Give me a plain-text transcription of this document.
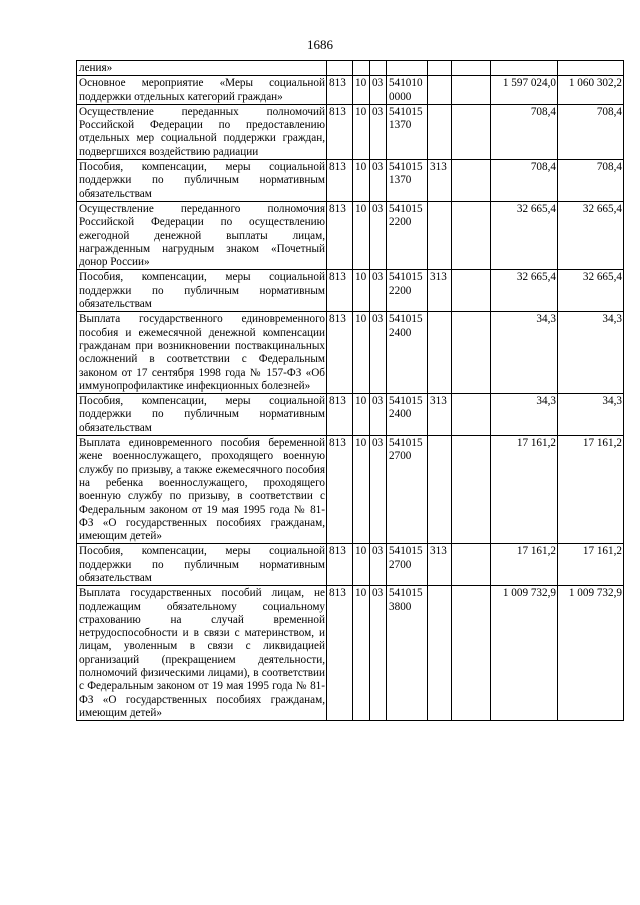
1686
ления»				

Основное мероприятие «Меры социальной поддержки отдельных категорий граждан»	813	10	03	541010
0000			1 597 024,0	1 060 302,2
Осуществление переданных полномочий Российской Федерации по предоставлению отдельных мер социальной поддержки граждан, подвергшихся воздействию радиации	813	10	03	541015
1370			708,4	708,4
Пособия, компенсации, меры социальной поддержки по публичным нормативным обязательствам	813	10	03	541015
1370	313		708,4	708,4
Осуществление переданного полномочия Российской Федерации по осуществлению ежегодной денежной выплаты лицам, награжденным нагрудным знаком «Почетный донор России»	813	10	03	541015
2200			32 665,4	32 665,4
Пособия, компенсации, меры социальной поддержки по публичным нормативным обязательствам	813	10	03	541015
2200	313		32 665,4	32 665,4
Выплата государственного единовременного пособия и ежемесячной денежной компенсации гражданам при возникновении поствакцинальных осложнений в соответствии с Федеральным законом от 17 сентября 1998 года № 157-ФЗ «Об иммунопрофилактике инфекционных болезней»	813	10	03	541015
2400			34,3	34,3
Пособия, компенсации, меры социальной поддержки по публичным нормативным обязательствам	813	10	03	541015
2400	313		34,3	34,3
Выплата единовременного пособия беременной жене военнослужащего, проходящего военную службу по призыву, а также ежемесячного пособия на ребенка военнослужащего, проходящего военную службу по призыву, в соответствии с Федеральным законом от 19 мая 1995 года № 81-ФЗ «О государственных пособиях гражданам, имеющим детей»	813	10	03	541015
2700			17 161,2	17 161,2
Пособия, компенсации, меры социальной поддержки по публичным нормативным обязательствам	813	10	03	541015
2700	313		17 161,2	17 161,2
Выплата государственных пособий лицам, не подлежащим обязательному социальному страхованию на случай временной нетрудоспособности и в связи с материнством, и лицам, уволенным в связи с ликвидацией организаций (прекращением деятельности, полномочий физическими лицами), в соответствии с Федеральным законом от 19 мая 1995 года № 81-ФЗ «О государственных пособиях гражданам, имеющим детей»	813	10	03	541015
3800			1 009 732,9	1 009 732,9
